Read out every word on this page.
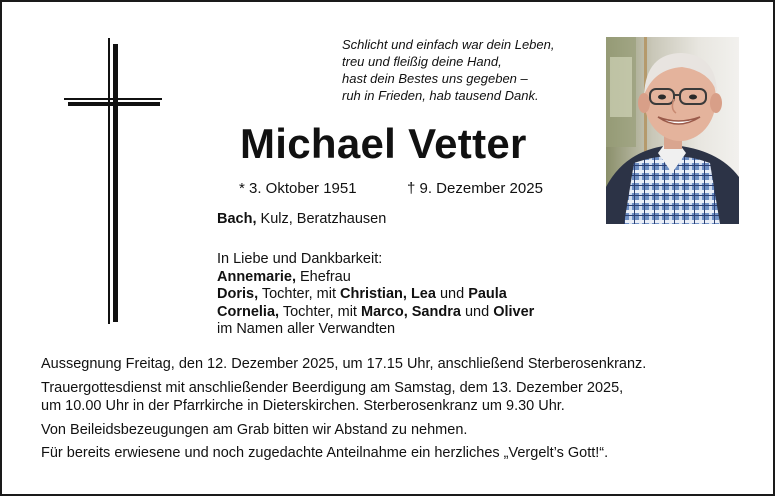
Schlicht und einfach war dein Leben,
treu und fleißig deine Hand,
hast dein Bestes uns gegeben –
ruh in Frieden, hab tausend Dank.
Michael Vetter
* 3. Oktober 1951	† 9. Dezember 2025
Bach, Kulz, Beratzhausen
In Liebe und Dankbarkeit:
Annemarie, Ehefrau
Doris, Tochter, mit Christian, Lea und Paula
Cornelia, Tochter, mit Marco, Sandra und Oliver
im Namen aller Verwandten
Aussegnung Freitag, den 12. Dezember 2025, um 17.15 Uhr, anschließend Sterberosenkranz.
Trauergottesdienst mit anschließender Beerdigung am Samstag, dem 13. Dezember 2025,
um 10.00 Uhr in der Pfarrkirche in Dieterskirchen. Sterberosenkranz um 9.30 Uhr.
Von Beileidsbezeugungen am Grab bitten wir Abstand zu nehmen.
Für bereits erwiesene und noch zugedachte Anteilnahme ein herzliches „Vergelt’s Gott!“.
